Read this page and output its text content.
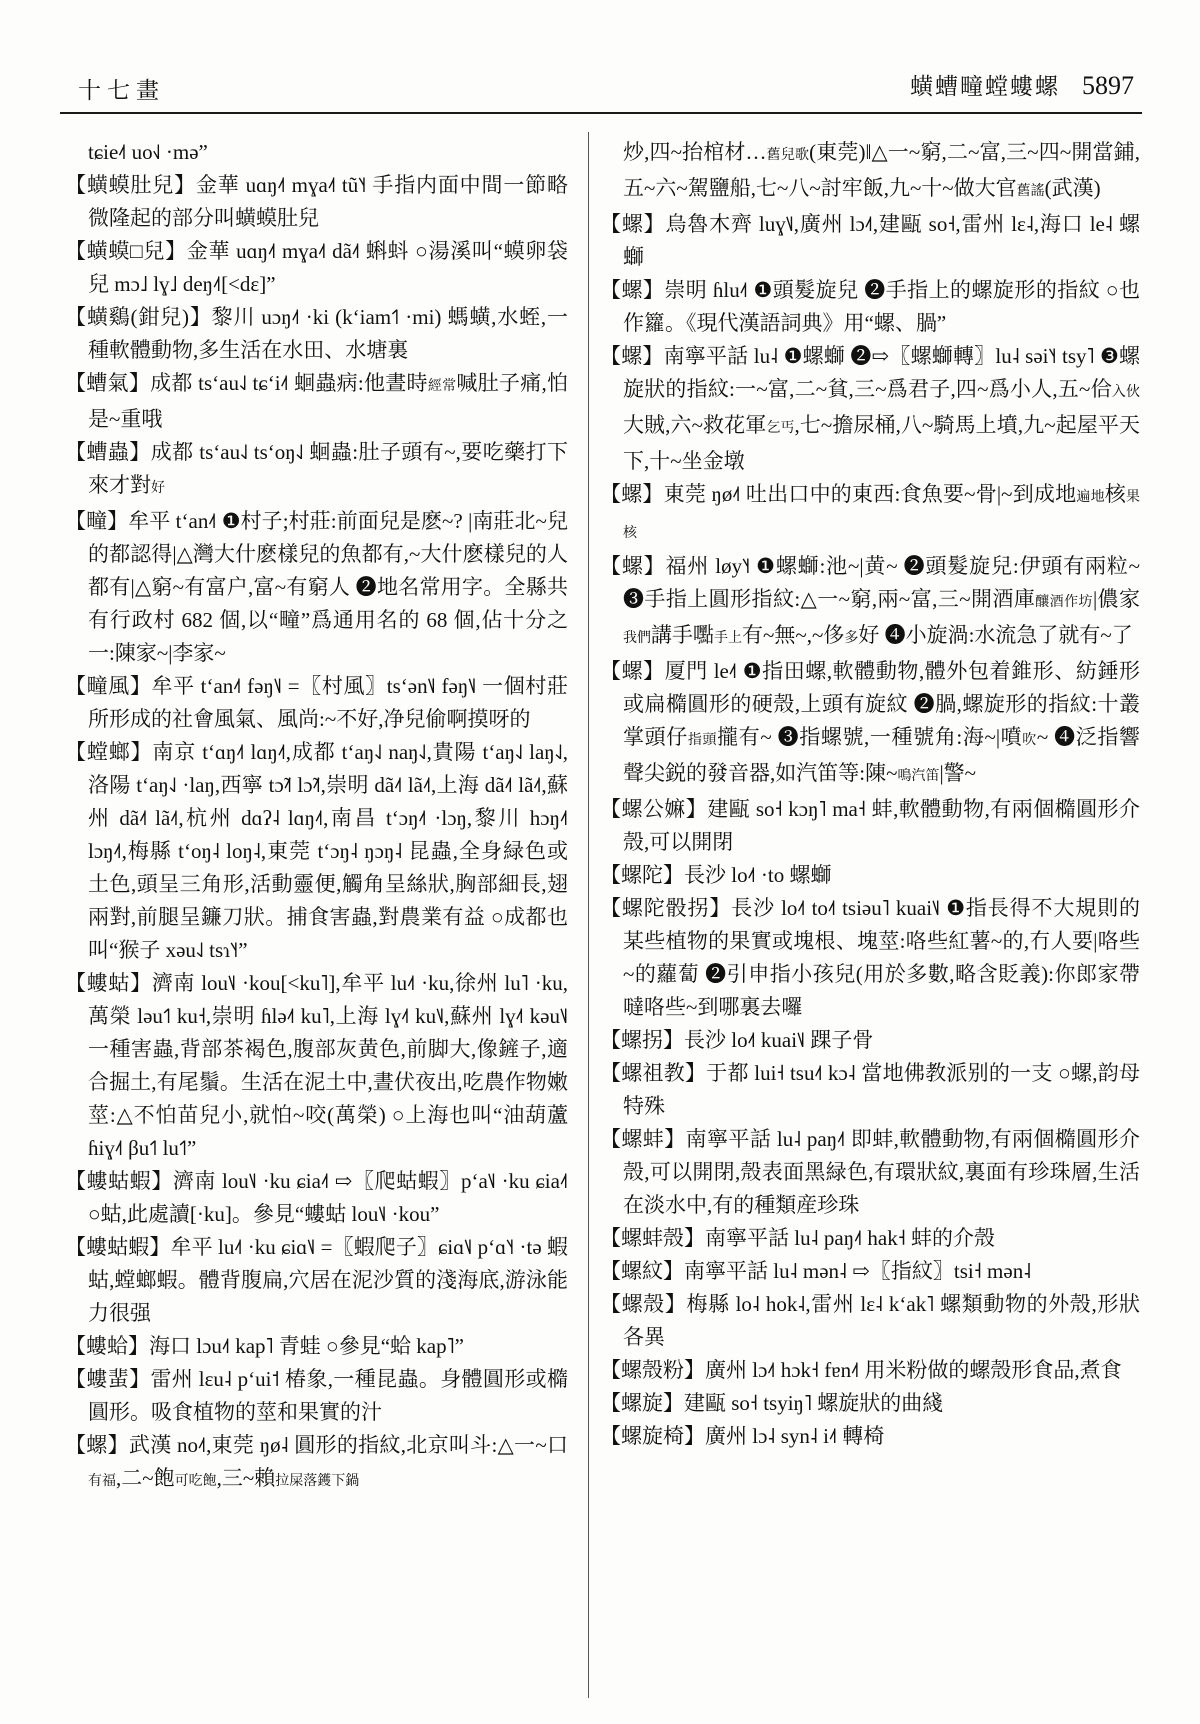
十七畫	蟥螬疃螳螻螺 5897

tɕie˨˦ uo˧˩ ·mə”

【蟥蟆肚兒】金華 uɑŋ˨˦ mɣa˨˦ tũ˥˧ 手指内面中間一節略微隆起的部分叫蟥蟆肚兒

【蟥蟆□兒】金華 uɑŋ˨˦ mɣa˨˦ dã˨˦ 蝌蚪 ○湯溪叫“蟆卵袋兒 mɔ˩ lɣ˩ deŋ˨˦[<dɛ]”

【蟥鷄(鉗兒)】黎川 uɔŋ˨˦ ·ki (kʻiam˦˥ ·mi) 螞蟥,水蛭,一種軟體動物,多生活在水田、水塘裏

【螬氣】成都 tsʻau˨˩ tɕʻi˨˦ 蛔蟲病:他晝時經常喊肚子痛,怕是~重哦

【螬蟲】成都 tsʻau˨˩ tsʻoŋ˨˩ 蛔蟲:肚子頭有~,要吃藥打下來才對好

【疃】牟平 tʻan˨˦ ❶村子;村莊:前面兒是麽~? |南莊北~兒的都認得|△灣大什麽樣兒的魚都有,~大什麽樣兒的人都有|△窮~有富户,富~有窮人 ❷地名常用字。全縣共有行政村 682 個,以“疃”爲通用名的 68 個,佔十分之一:陳家~|李家~

【疃風】牟平 tʻan˨˦ fəŋ˥˩ =〖村風〗tsʻən˥˩ fəŋ˥˩ 一個村莊所形成的社會風氣、風尚:~不好,净兒偷啊摸呀的

【螳螂】南京 tʻɑŋ˨˦ lɑŋ˨˦,成都 tʻaŋ˨˩ naŋ˨˩,貴陽 tʻaŋ˨˩ laŋ˨˩,洛陽 tʻaŋ˨˩ ·laŋ,西寧 tɔ̃˨˦ lɔ̃˨˦,崇明 dã˨˦ lã˨˦,上海 dã˨˦ lã˨˦,蘇州 dã˨˦ lã˨˦,杭州 dɑʔ˨ lɑŋ˨˦,南昌 tʻɔŋ˨˦ ·lɔŋ,黎川 hɔŋ˨˦ lɔŋ˨˦,梅縣 tʻoŋ˨ loŋ˨,東莞 tʻɔŋ˨ ŋɔŋ˨ 昆蟲,全身緑色或土色,頭呈三角形,活動靈便,觸角呈絲狀,胸部細長,翅兩對,前腿呈鐮刀狀。捕食害蟲,對農業有益 ○成都也叫“猴子 xəu˨˩ tsɿ˥˧”

【螻蛄】濟南 lou˥˩ ·kou[<ku˥],牟平 lu˨˦ ·ku,徐州 lu˥ ·ku,萬榮 ləu˦˥ ku˧,崇明 ɦlə˨˦ ku˥,上海 lɣ˨˦ ku˥˩,蘇州 lɣ˨˦ kəu˥˩ 一種害蟲,背部茶褐色,腹部灰黄色,前脚大,像鏟子,適合掘土,有尾鬚。生活在泥土中,晝伏夜出,吃農作物嫩莖:△不怕苗兒小,就怕~咬(萬榮) ○上海也叫“油葫蘆 ɦiɣ˨˦ βu˦˥ lu˦˥”

【螻蛄蝦】濟南 lou˥˩ ·ku ɕia˨˦ ⇨〖爬蛄蝦〗pʻa˥˩ ·ku ɕia˨˦ ○蛄,此處讀[·ku]。參見“螻蛄 lou˥˩ ·kou”

【螻蛄蝦】牟平 lu˨˦ ·ku ɕiɑ˥˩ =〖蝦爬子〗ɕiɑ˥˩ pʻɑ˥˧ ·tə 蝦蛄,螳螂蝦。體背腹扁,穴居在泥沙質的淺海底,游泳能力很强

【螻蛤】海口 lɔu˨˦ kap˥ 青蛙 ○參見“蛤 kap˥”

【螻蜚】雷州 lɛu˨ pʻui˦ 椿象,一種昆蟲。身體圓形或橢圓形。吸食植物的莖和果實的汁

【螺】武漢 no˨˦,東莞 ŋø˨ 圓形的指紋,北京叫斗:△一~口有福,二~飽可吃飽,三~賴拉屎落鑊下鍋

炒,四~抬棺材…舊兒歌(東莞)‖△一~窮,二~富,三~四~開當鋪,五~六~駕鹽船,七~八~討牢飯,九~十~做大官舊謠(武漢)

【螺】烏魯木齊 luɣ˥˩,廣州 lɔ˨˦,建甌 so˧,雷州 lɛ˨,海口 le˨ 螺螄

【螺】崇明 ɦlu˨˦ ❶頭髮旋兒 ❷手指上的螺旋形的指紋 ○也作籮。《現代漢語詞典》用“螺、腡”

【螺】南寧平話 lu˨ ❶螺螄 ❷⇨〖螺螄轉〗lu˨ səi˥˧ tsy˥ ❸螺旋狀的指紋:一~富,二~貧,三~爲君子,四~爲小人,五~佮入伙大賊,六~救花軍乞丐,七~擔尿桶,八~騎馬上墳,九~起屋平天下,十~坐金墩

【螺】東莞 ŋø˨˦ 吐出口中的東西:食魚要~骨|~到成地遍地核果核

【螺】福州 løy˥˧ ❶螺螄:池~|黄~ ❷頭髮旋兒:伊頭有兩粒~ ❸手指上圓形指紋:△一~窮,兩~富,三~開酒庫釀酒作坊|儂家我們講手嚸手上有~無~,~侈多好 ❹小旋渦:水流急了就有~了

【螺】厦門 le˨˦ ❶指田螺,軟體動物,體外包着錐形、紡錘形或扁橢圓形的硬殼,上頭有旋紋 ❷腡,螺旋形的指紋:十叢掌頭仔指頭攏有~ ❸指螺號,一種號角:海~|噴吹~ ❹泛指響聲尖鋭的發音器,如汽笛等:陳~鳴汽笛|警~

【螺公嫲】建甌 so˧ kɔŋ˥ ma˧ 蚌,軟體動物,有兩個橢圓形介殼,可以開閉

【螺陀】長沙 lo˨˦ ·to 螺螄

【螺陀骰拐】長沙 lo˨˦ to˨˦ tsiəu˥ kuai˥˩ ❶指長得不大規則的某些植物的果實或塊根、塊莖:咯些紅薯~的,冇人要|咯些~的蘿蔔 ❷引申指小孩兒(用於多數,略含貶義):你郎家帶噠咯些~到哪裏去囉

【螺拐】長沙 lo˨˦ kuai˥˩ 踝子骨

【螺祖教】于都 lui˧ tsu˨˦ kɔ˨ 當地佛教派别的一支 ○螺,韵母特殊

【螺蚌】南寧平話 lu˨ paŋ˨˦ 即蚌,軟體動物,有兩個橢圓形介殼,可以開閉,殼表面黑緑色,有環狀紋,裏面有珍珠層,生活在淡水中,有的種類産珍珠

【螺蚌殼】南寧平話 lu˨ paŋ˨˦ hak˧ 蚌的介殼

【螺紋】南寧平話 lu˨ mən˨ ⇨〖指紋〗tsi˧ mən˨

【螺殼】梅縣 lo˨ hok˨,雷州 lɛ˨ kʻak˥ 螺類動物的外殼,形狀各異

【螺殼粉】廣州 lɔ˨˦ hɔk˧ fɐn˨˦ 用米粉做的螺殼形食品,煮食

【螺旋】建甌 so˧ tsyiŋ˥ 螺旋狀的曲綫

【螺旋椅】廣州 lɔ˨ syn˨ i˨˦ 轉椅
